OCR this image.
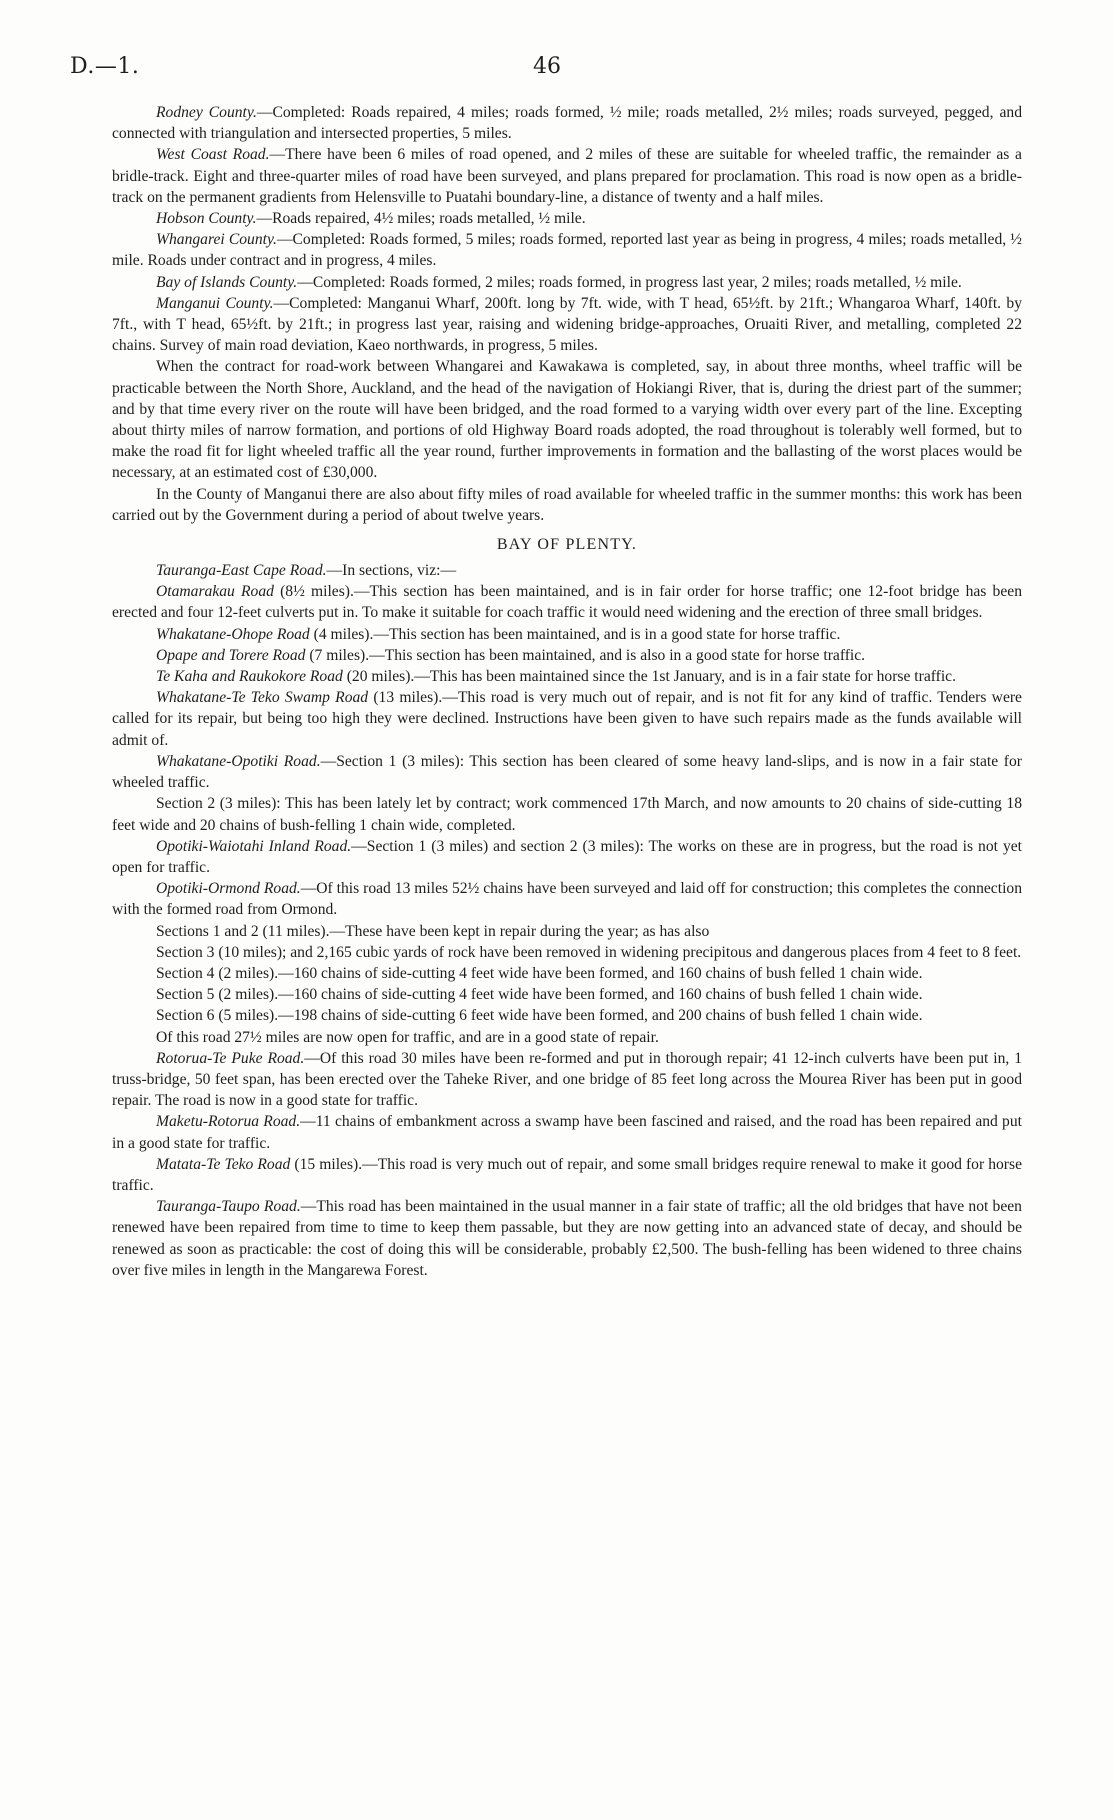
D.—1.	46

Rodney County.—Completed: Roads repaired, 4 miles; roads formed, ½ mile; roads metalled, 2½ miles; roads surveyed, pegged, and connected with triangulation and intersected properties, 5 miles.

West Coast Road.—There have been 6 miles of road opened, and 2 miles of these are suitable for wheeled traffic, the remainder as a bridle-track. Eight and three-quarter miles of road have been surveyed, and plans prepared for proclamation. This road is now open as a bridle-track on the permanent gradients from Helensville to Puatahi boundary-line, a distance of twenty and a half miles.

Hobson County.—Roads repaired, 4½ miles; roads metalled, ½ mile.

Whangarei County.—Completed: Roads formed, 5 miles; roads formed, reported last year as being in progress, 4 miles; roads metalled, ½ mile. Roads under contract and in progress, 4 miles.

Bay of Islands County.—Completed: Roads formed, 2 miles; roads formed, in progress last year, 2 miles; roads metalled, ½ mile.

Manganui County.—Completed: Manganui Wharf, 200ft. long by 7ft. wide, with T head, 65½ft. by 21ft.; Whangaroa Wharf, 140ft. by 7ft., with T head, 65½ft. by 21ft.; in progress last year, raising and widening bridge-approaches, Oruaiti River, and metalling, completed 22 chains. Survey of main road deviation, Kaeo northwards, in progress, 5 miles.

When the contract for road-work between Whangarei and Kawakawa is completed, say, in about three months, wheel traffic will be practicable between the North Shore, Auckland, and the head of the navigation of Hokiangi River, that is, during the driest part of the summer; and by that time every river on the route will have been bridged, and the road formed to a varying width over every part of the line. Excepting about thirty miles of narrow formation, and portions of old Highway Board roads adopted, the road throughout is tolerably well formed, but to make the road fit for light wheeled traffic all the year round, further improvements in formation and the ballasting of the worst places would be necessary, at an estimated cost of £30,000.

In the County of Manganui there are also about fifty miles of road available for wheeled traffic in the summer months: this work has been carried out by the Government during a period of about twelve years.

BAY OF PLENTY.

Tauranga-East Cape Road.—In sections, viz:—

Otamarakau Road (8½ miles).—This section has been maintained, and is in fair order for horse traffic; one 12-foot bridge has been erected and four 12-feet culverts put in. To make it suitable for coach traffic it would need widening and the erection of three small bridges.

Whakatane-Ohope Road (4 miles).—This section has been maintained, and is in a good state for horse traffic.

Opape and Torere Road (7 miles).—This section has been maintained, and is also in a good state for horse traffic.

Te Kaha and Raukokore Road (20 miles).—This has been maintained since the 1st January, and is in a fair state for horse traffic.

Whakatane-Te Teko Swamp Road (13 miles).—This road is very much out of repair, and is not fit for any kind of traffic. Tenders were called for its repair, but being too high they were declined. Instructions have been given to have such repairs made as the funds available will admit of.

Whakatane-Opotiki Road.—Section 1 (3 miles): This section has been cleared of some heavy land-slips, and is now in a fair state for wheeled traffic.

Section 2 (3 miles): This has been lately let by contract; work commenced 17th March, and now amounts to 20 chains of side-cutting 18 feet wide and 20 chains of bush-felling 1 chain wide, completed.

Opotiki-Waiotahi Inland Road.—Section 1 (3 miles) and section 2 (3 miles): The works on these are in progress, but the road is not yet open for traffic.

Opotiki-Ormond Road.—Of this road 13 miles 52½ chains have been surveyed and laid off for construction; this completes the connection with the formed road from Ormond.

Sections 1 and 2 (11 miles).—These have been kept in repair during the year; as has also

Section 3 (10 miles); and 2,165 cubic yards of rock have been removed in widening precipitous and dangerous places from 4 feet to 8 feet.

Section 4 (2 miles).—160 chains of side-cutting 4 feet wide have been formed, and 160 chains of bush felled 1 chain wide.

Section 5 (2 miles).—160 chains of side-cutting 4 feet wide have been formed, and 160 chains of bush felled 1 chain wide.

Section 6 (5 miles).—198 chains of side-cutting 6 feet wide have been formed, and 200 chains of bush felled 1 chain wide.

Of this road 27½ miles are now open for traffic, and are in a good state of repair.

Rotorua-Te Puke Road.—Of this road 30 miles have been re-formed and put in thorough repair; 41 12-inch culverts have been put in, 1 truss-bridge, 50 feet span, has been erected over the Taheke River, and one bridge of 85 feet long across the Mourea River has been put in good repair. The road is now in a good state for traffic.

Maketu-Rotorua Road.—11 chains of embankment across a swamp have been fascined and raised, and the road has been repaired and put in a good state for traffic.

Matata-Te Teko Road (15 miles).—This road is very much out of repair, and some small bridges require renewal to make it good for horse traffic.

Tauranga-Taupo Road.—This road has been maintained in the usual manner in a fair state of traffic; all the old bridges that have not been renewed have been repaired from time to time to keep them passable, but they are now getting into an advanced state of decay, and should be renewed as soon as practicable: the cost of doing this will be considerable, probably £2,500. The bush-felling has been widened to three chains over five miles in length in the Mangarewa Forest.
